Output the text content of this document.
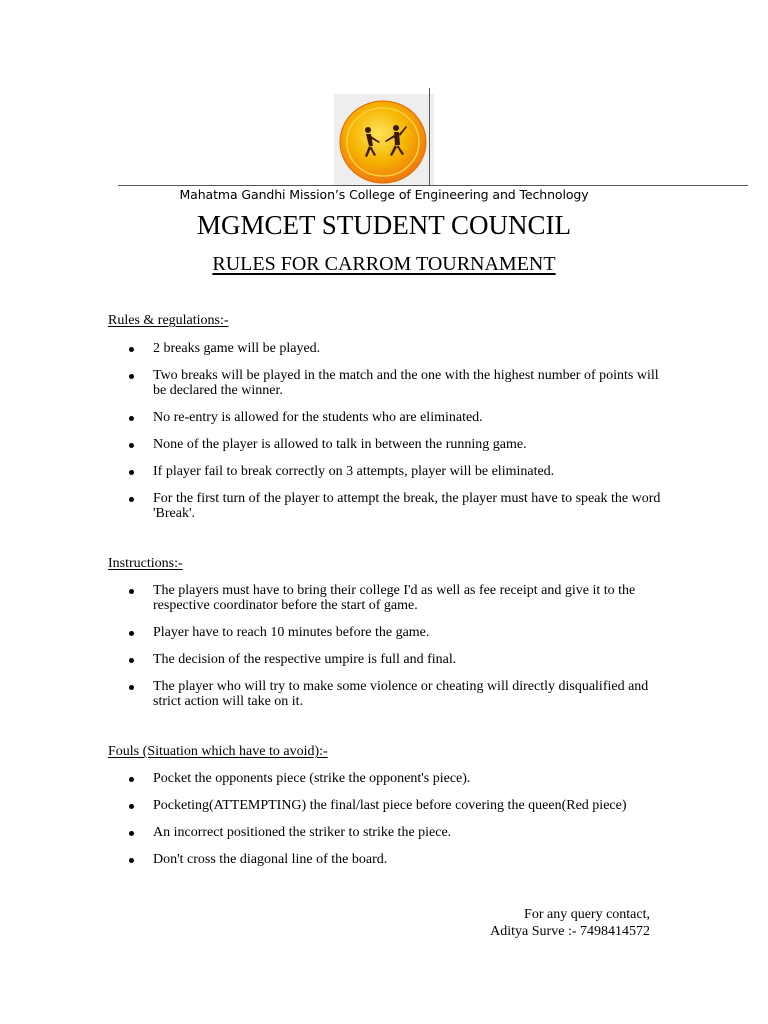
Mahatma Gandhi Mission’s College of Engineering and Technology
MGMCET STUDENT COUNCIL
RULES FOR CARROM TOURNAMENT
Rules & regulations:-
2 breaks game will be played.
Two breaks will be played in the match and the one with the highest number of points will be declared the winner.
No re-entry is allowed for the students who are eliminated.
None of the player is allowed to talk in between the running game.
If player fail to break correctly on 3 attempts, player will be eliminated.
For the first turn of the player to attempt the break, the player must have to speak the word 'Break'.
Instructions:-
The players must have to bring their college I'd as well as fee receipt and give it to the respective coordinator before the start of game.
Player have to reach 10 minutes before the game.
The decision of the respective umpire is full and final.
The player who will try to make some violence or cheating will directly disqualified and strict action will take on it.
Fouls (Situation which have to avoid):-
Pocket the opponents piece (strike the opponent's piece).
Pocketing(ATTEMPTING) the final/last piece before covering the queen(Red piece)
An incorrect positioned the striker to strike the piece.
Don't cross the diagonal line of the board.
For any query contact,
Aditya Surve :- 7498414572
